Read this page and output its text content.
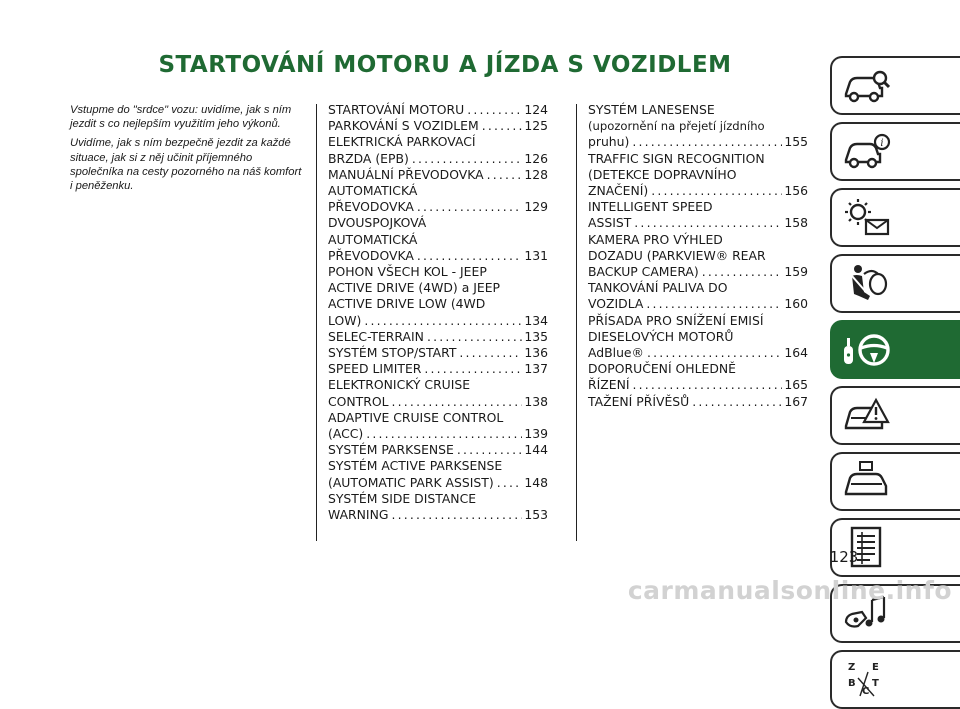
STARTOVÁNÍ MOTORU A JÍZDA S VOZIDLEM

Vstupme do "srdce" vozu: uvidíme, jak s ním jezdit s co nejlepším využitím jeho výkonů.

Uvidíme, jak s ním bezpečně jezdit za každé situace, jak si z něj učinit příjemného společníka na cesty pozorného na náš komfort i peněženku.

STARTOVÁNÍ MOTORU .....	124
PARKOVÁNÍ S VOZIDLEM .....	125
ELEKTRICKÁ PARKOVACÍ
BRZDA (EPB) .....	126
MANUÁLNÍ PŘEVODOVKA .....	128
AUTOMATICKÁ
PŘEVODOVKA .....	129
DVOUSPOJKOVÁ
AUTOMATICKÁ
PŘEVODOVKA .....	131
POHON VŠECH KOL - JEEP
ACTIVE DRIVE (4WD) a JEEP
ACTIVE DRIVE LOW (4WD
LOW) .....	134
SELEC-TERRAIN .....	135
SYSTÉM STOP/START .....	136
SPEED LIMITER .....	137
ELEKTRONICKÝ CRUISE
CONTROL .....	138
ADAPTIVE CRUISE CONTROL
(ACC) .....	139
SYSTÉM PARKSENSE .....	144
SYSTÉM ACTIVE PARKSENSE
(AUTOMATIC PARK ASSIST) ..... 148
SYSTÉM SIDE DISTANCE
WARNING .....	153
SYSTÉM LANESENSE
(upozornění na přejetí jízdního
pruhu) .....	155
TRAFFIC SIGN RECOGNITION
(DETEKCE DOPRAVNÍHO
ZNAČENÍ) .....	156
INTELLIGENT SPEED
ASSIST .....	158
KAMERA PRO VÝHLED
DOZADU (PARKVIEW® REAR
BACKUP CAMERA) .....	159
TANKOVÁNÍ PALIVA DO
VOZIDLA .....	160
PŘÍSADA PRO SNÍŽENÍ EMISÍ
DIESELOVÝCH MOTORŮ
AdBlue® .....	164
DOPORUČENÍ OHLEDNĚ
ŘÍZENÍ .....	165
TAŽENÍ PŘÍVĚSŮ .....	167
i
Z E
B
C
T
123
carmanualsonline.info
